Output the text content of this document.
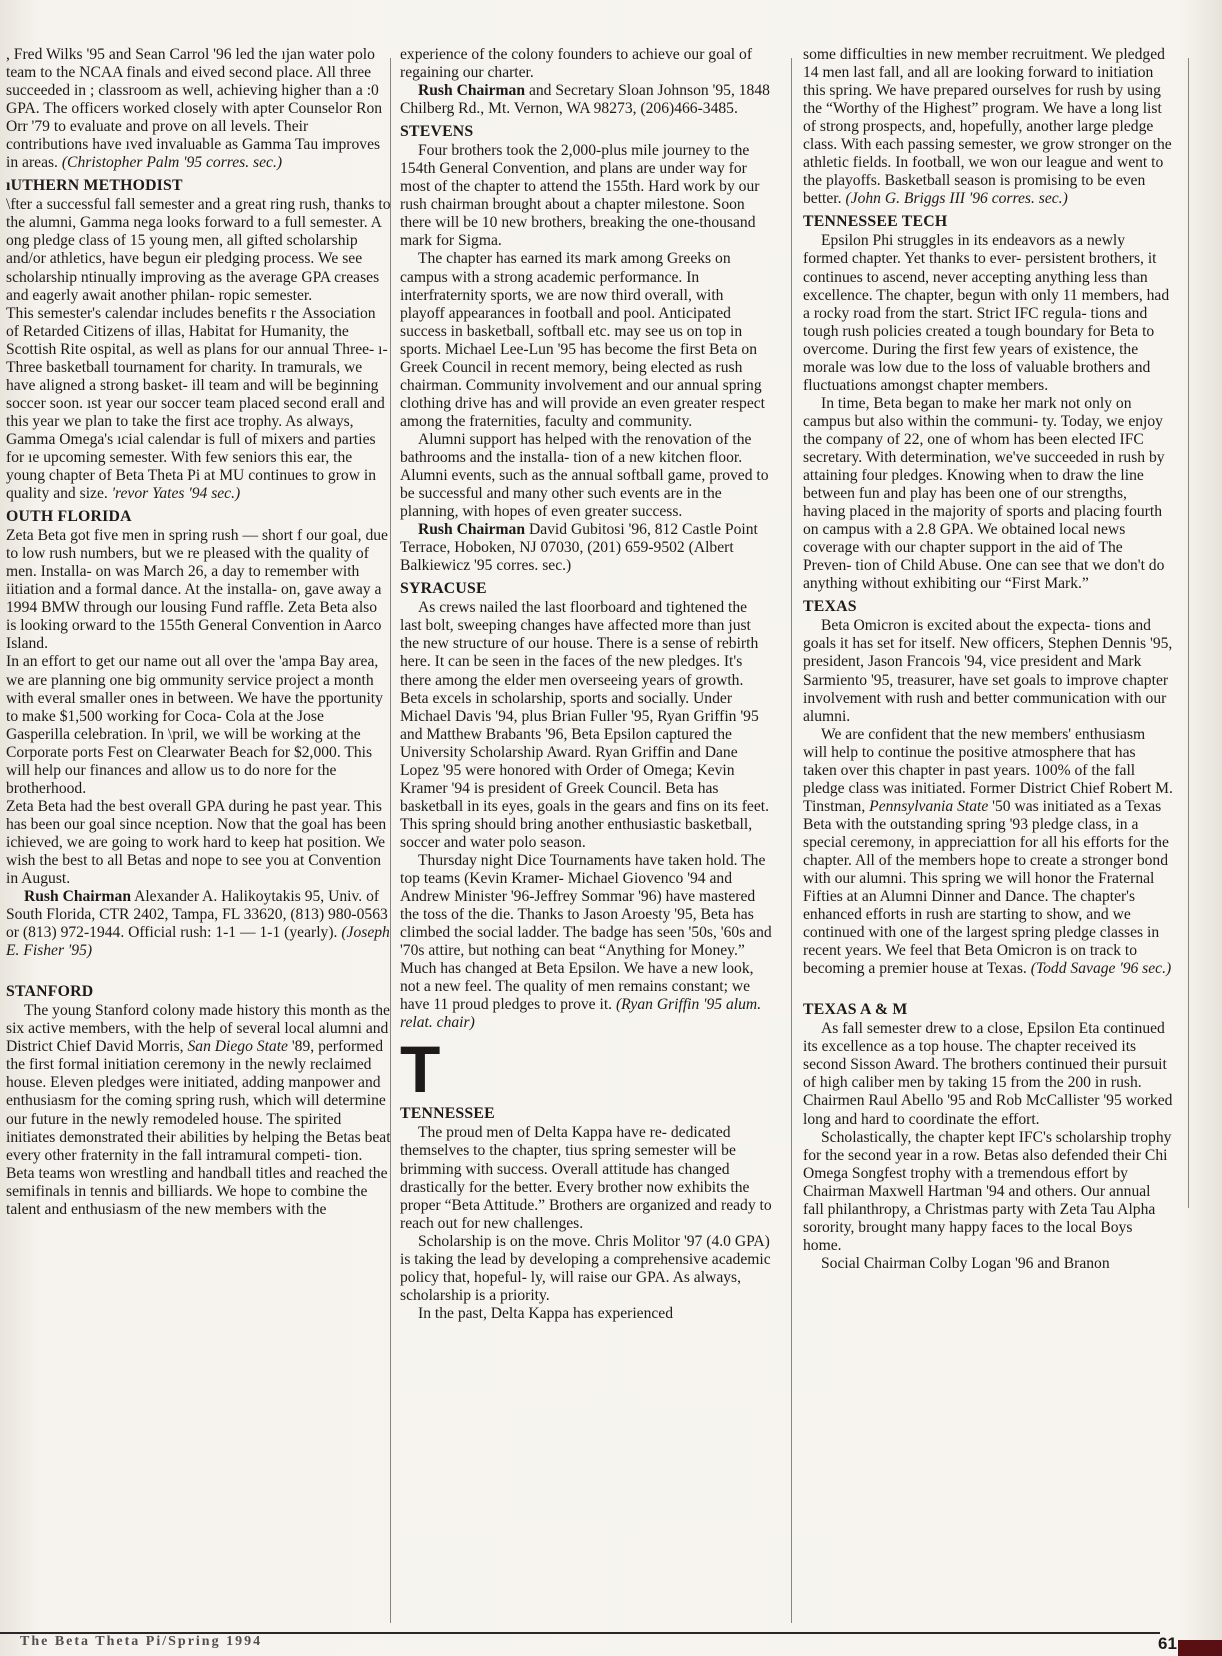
, Fred Wilks '95 and Sean Carrol '96 led the ıjan water polo team to the NCAA finals and eived second place. All three succeeded in ; classroom as well, achieving higher than a :0 GPA. The officers worked closely with apter Counselor Ron Orr '79 to evaluate and prove on all levels. Their contributions have ıved invaluable as Gamma Tau improves in areas. (Christopher Palm '95 corres. sec.)

ıUTHERN METHODIST

\fter a successful fall semester and a great ring rush, thanks to the alumni, Gamma nega looks forward to a full semester. A ong pledge class of 15 young men, all gifted scholarship and/or athletics, have begun eir pledging process. We see scholarship ntinually improving as the average GPA creases and eagerly await another philan- ropic semester.

This semester's calendar includes benefits r the Association of Retarded Citizens of illas, Habitat for Humanity, the Scottish Rite ospital, as well as plans for our annual Three- ı-Three basketball tournament for charity. In tramurals, we have aligned a strong basket- ill team and will be beginning soccer soon. ıst year our soccer team placed second erall and this year we plan to take the first ace trophy. As always, Gamma Omega's ıcial calendar is full of mixers and parties for ıe upcoming semester. With few seniors this ear, the young chapter of Beta Theta Pi at MU continues to grow in quality and size. 'revor Yates '94 sec.)

OUTH FLORIDA

Zeta Beta got five men in spring rush — short f our goal, due to low rush numbers, but we re pleased with the quality of men. Installa- on was March 26, a day to remember with iitiation and a formal dance. At the installa- on, gave away a 1994 BMW through our lousing Fund raffle. Zeta Beta also is looking orward to the 155th General Convention in Aarco Island.

In an effort to get our name out all over the 'ampa Bay area, we are planning one big ommunity service project a month with everal smaller ones in between. We have the pportunity to make $1,500 working for Coca- Cola at the Jose Gasperilla celebration. In \pril, we will be working at the Corporate ports Fest on Clearwater Beach for $2,000. This will help our finances and allow us to do nore for the brotherhood.

Zeta Beta had the best overall GPA during he past year. This has been our goal since nception. Now that the goal has been ichieved, we are going to work hard to keep hat position. We wish the best to all Betas and nope to see you at Convention in August.

Rush Chairman Alexander A. Halikoytakis 95, Univ. of South Florida, CTR 2402, Tampa, FL 33620, (813) 980-0563 or (813) 972-1944. Official rush: 1-1 — 1-1 (yearly). (Joseph E. Fisher '95)

STANFORD

The young Stanford colony made history this month as the six active members, with the help of several local alumni and District Chief David Morris, San Diego State '89, performed the first formal initiation ceremony in the newly reclaimed house. Eleven pledges were initiated, adding manpower and enthusiasm for the coming spring rush, which will determine our future in the newly remodeled house. The spirited initiates demonstrated their abilities by helping the Betas beat every other fraternity in the fall intramural competi- tion. Beta teams won wrestling and handball titles and reached the semifinals in tennis and billiards. We hope to combine the talent and enthusiasm of the new members with the

experience of the colony founders to achieve our goal of regaining our charter.

Rush Chairman and Secretary Sloan Johnson '95, 1848 Chilberg Rd., Mt. Vernon, WA 98273, (206)466-3485.

STEVENS

Four brothers took the 2,000-plus mile journey to the 154th General Convention, and plans are under way for most of the chapter to attend the 155th. Hard work by our rush chairman brought about a chapter milestone. Soon there will be 10 new brothers, breaking the one-thousand mark for Sigma.

The chapter has earned its mark among Greeks on campus with a strong academic performance. In interfraternity sports, we are now third overall, with playoff appearances in football and pool. Anticipated success in basketball, softball etc. may see us on top in sports. Michael Lee-Lun '95 has become the first Beta on Greek Council in recent memory, being elected as rush chairman. Community involvement and our annual spring clothing drive has and will provide an even greater respect among the fraternities, faculty and community.

Alumni support has helped with the renovation of the bathrooms and the installa- tion of a new kitchen floor. Alumni events, such as the annual softball game, proved to be successful and many other such events are in the planning, with hopes of even greater success.

Rush Chairman David Gubitosi '96, 812 Castle Point Terrace, Hoboken, NJ 07030, (201) 659-9502 (Albert Balkiewicz '95 corres. sec.)

SYRACUSE

As crews nailed the last floorboard and tightened the last bolt, sweeping changes have affected more than just the new structure of our house. There is a sense of rebirth here. It can be seen in the faces of the new pledges. It's there among the elder men overseeing years of growth. Beta excels in scholarship, sports and socially. Under Michael Davis '94, plus Brian Fuller '95, Ryan Griffin '95 and Matthew Brabants '96, Beta Epsilon captured the University Scholarship Award. Ryan Griffin and Dane Lopez '95 were honored with Order of Omega; Kevin Kramer '94 is president of Greek Council. Beta has basketball in its eyes, goals in the gears and fins on its feet. This spring should bring another enthusiastic basketball, soccer and water polo season.

Thursday night Dice Tournaments have taken hold. The top teams (Kevin Kramer- Michael Giovenco '94 and Andrew Minister '96-Jeffrey Sommar '96) have mastered the toss of the die. Thanks to Jason Aroesty '95, Beta has climbed the social ladder. The badge has seen '50s, '60s and '70s attire, but nothing can beat “Anything for Money.” Much has changed at Beta Epsilon. We have a new look, not a new feel. The quality of men remains constant; we have 11 proud pledges to prove it. (Ryan Griffin '95 alum. relat. chair)

T
TENNESSEE

The proud men of Delta Kappa have re- dedicated themselves to the chapter, tius spring semester will be brimming with success. Overall attitude has changed drastically for the better. Every brother now exhibits the proper “Beta Attitude.” Brothers are organized and ready to reach out for new challenges.

Scholarship is on the move. Chris Molitor '97 (4.0 GPA) is taking the lead by developing a comprehensive academic policy that, hopeful- ly, will raise our GPA. As always, scholarship is a priority.

In the past, Delta Kappa has experienced

some difficulties in new member recruitment. We pledged 14 men last fall, and all are looking forward to initiation this spring. We have prepared ourselves for rush by using the “Worthy of the Highest” program. We have a long list of strong prospects, and, hopefully, another large pledge class. With each passing semester, we grow stronger on the athletic fields. In football, we won our league and went to the playoffs. Basketball season is promising to be even better. (John G. Briggs III '96 corres. sec.)

TENNESSEE TECH

Epsilon Phi struggles in its endeavors as a newly formed chapter. Yet thanks to ever- persistent brothers, it continues to ascend, never accepting anything less than excellence. The chapter, begun with only 11 members, had a rocky road from the start. Strict IFC regula- tions and tough rush policies created a tough boundary for Beta to overcome. During the first few years of existence, the morale was low due to the loss of valuable brothers and fluctuations amongst chapter members.

In time, Beta began to make her mark not only on campus but also within the communi- ty. Today, we enjoy the company of 22, one of whom has been elected IFC secretary. With determination, we've succeeded in rush by attaining four pledges. Knowing when to draw the line between fun and play has been one of our strengths, having placed in the majority of sports and placing fourth on campus with a 2.8 GPA. We obtained local news coverage with our chapter support in the aid of The Preven- tion of Child Abuse. One can see that we don't do anything without exhibiting our “First Mark.”

TEXAS

Beta Omicron is excited about the expecta- tions and goals it has set for itself. New officers, Stephen Dennis '95, president, Jason Francois '94, vice president and Mark Sarmiento '95, treasurer, have set goals to improve chapter involvement with rush and better communication with our alumni.

We are confident that the new members' enthusiasm will help to continue the positive atmosphere that has taken over this chapter in past years. 100% of the fall pledge class was initiated. Former District Chief Robert M. Tinstman, Pennsylvania State '50 was initiated as a Texas Beta with the outstanding spring '93 pledge class, in a special ceremony, in appreciattion for all his efforts for the chapter. All of the members hope to create a stronger bond with our alumni. This spring we will honor the Fraternal Fifties at an Alumni Dinner and Dance. The chapter's enhanced efforts in rush are starting to show, and we continued with one of the largest spring pledge classes in recent years. We feel that Beta Omicron is on track to becoming a premier house at Texas. (Todd Savage '96 sec.)

TEXAS A & M

As fall semester drew to a close, Epsilon Eta continued its excellence as a top house. The chapter received its second Sisson Award. The brothers continued their pursuit of high caliber men by taking 15 from the 200 in rush. Chairmen Raul Abello '95 and Rob McCallister '95 worked long and hard to coordinate the effort.

Scholastically, the chapter kept IFC's scholarship trophy for the second year in a row. Betas also defended their Chi Omega Songfest trophy with a tremendous effort by Chairman Maxwell Hartman '94 and others. Our annual fall philanthropy, a Christmas party with Zeta Tau Alpha sorority, brought many happy faces to the local Boys home.

Social Chairman Colby Logan '96 and Branon

The Beta Theta Pi/Spring 1994	61
